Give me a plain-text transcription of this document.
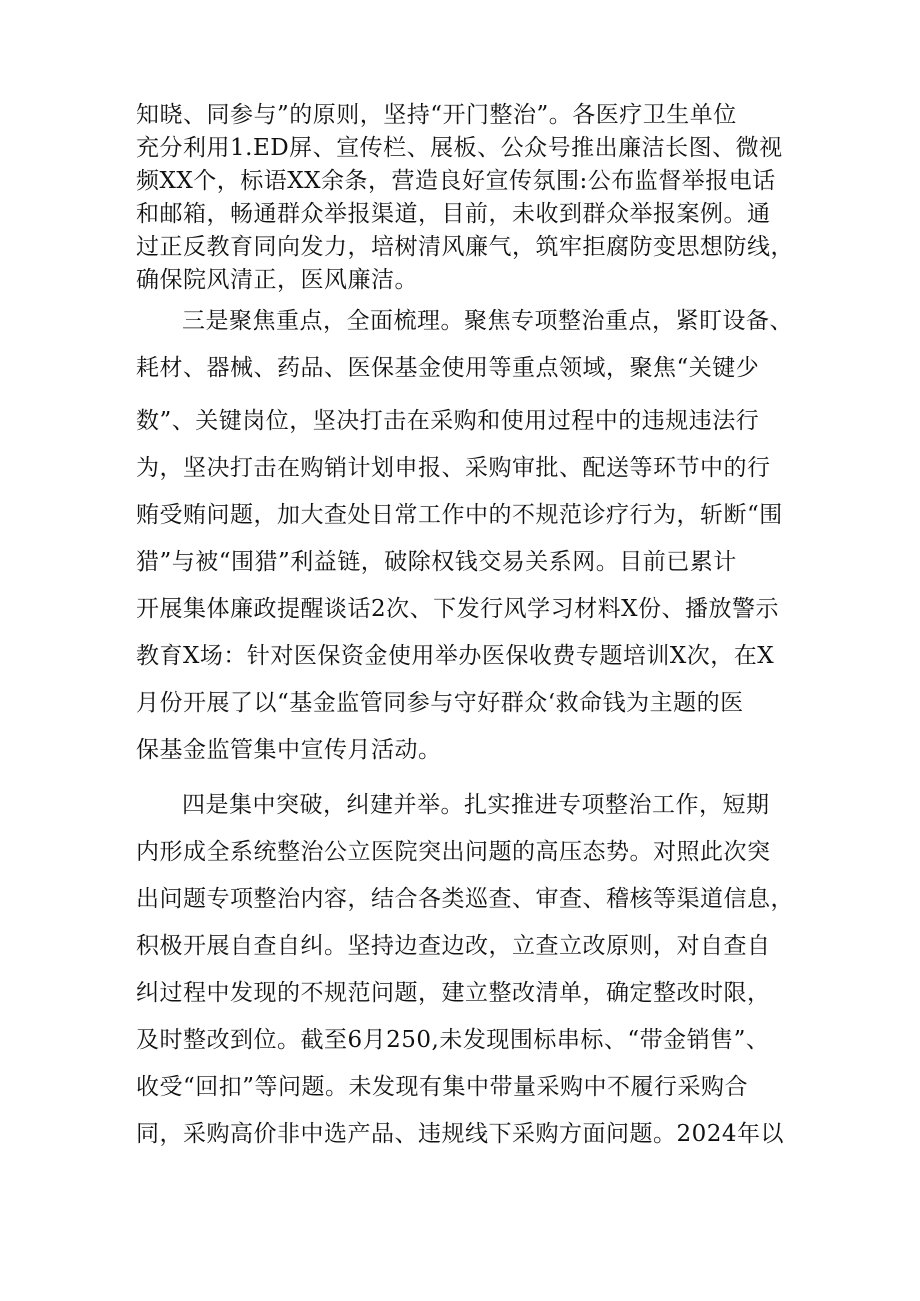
知晓、同参与”的原则，坚持“开门整治”。各医疗卫生单位
充分利用1.ED屏、宣传栏、展板、公众号推出廉洁长图、微视
频XX个，标语XX余条，营造良好宣传氛围:公布监督举报电话
和邮箱，畅通群众举报渠道，目前，未收到群众举报案例。通
过正反教育同向发力，培树清风廉气，筑牢拒腐防变思想防线，
确保院风清正，医风廉洁。
三是聚焦重点，全面梳理。聚焦专项整治重点，紧盯设备、
耗材、器械、药品、医保基金使用等重点领域，聚焦“关键少
数”、关键岗位，坚决打击在采购和使用过程中的违规违法行
为，坚决打击在购销计划申报、采购审批、配送等环节中的行
贿受贿问题，加大查处日常工作中的不规范诊疗行为，斩断“围
猎”与被“围猎”利益链，破除权钱交易关系网。目前已累计
开展集体廉政提醒谈话2次、下发行风学习材料X份、播放警示
教育X场：针对医保资金使用举办医保收费专题培训X次，在X
月份开展了以“基金监管同参与守好群众‘救命钱为主题的医
保基金监管集中宣传月活动。
四是集中突破，纠建并举。扎实推进专项整治工作，短期
内形成全系统整治公立医院突出问题的高压态势。对照此次突
出问题专项整治内容，结合各类巡查、审查、稽核等渠道信息，
积极开展自查自纠。坚持边查边改，立查立改原则，对自查自
纠过程中发现的不规范问题，建立整改清单，确定整改时限，
及时整改到位。截至6月250,未发现围标串标、“带金销售”、
收受“回扣”等问题。未发现有集中带量采购中不履行采购合
同，采购高价非中选产品、违规线下采购方面问题。2024年以
